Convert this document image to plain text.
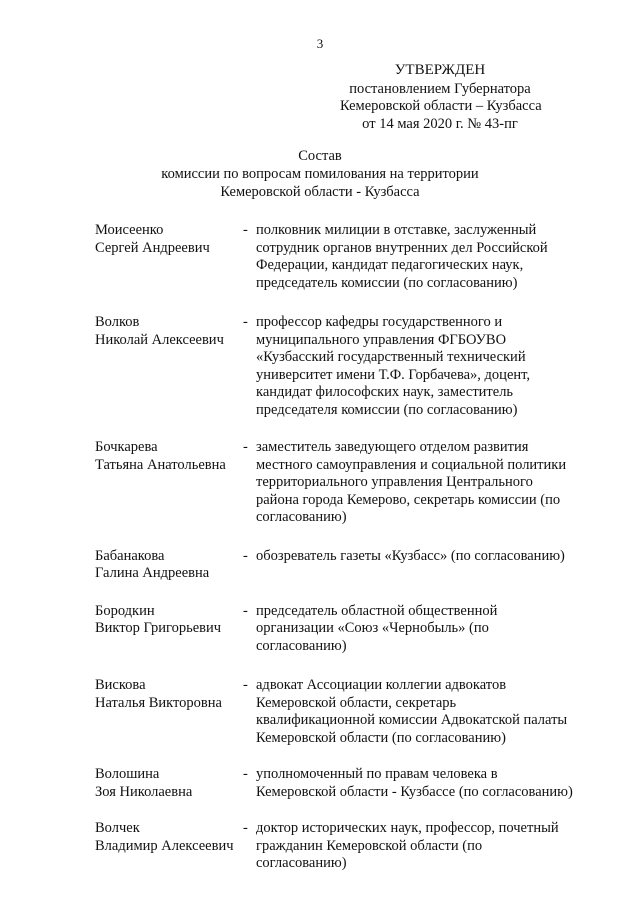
3
УТВЕРЖДЕН
постановлением Губернатора
Кемеровской области – Кузбасса
от 14 мая 2020 г. № 43-пг
Состав
комиссии по вопросам помилования на территории
Кемеровской области - Кузбасса
Моисеенко
Сергей Андреевич
- полковник милиции в отставке, заслуженный
сотрудник органов внутренних дел Российской
Федерации, кандидат педагогических наук,
председатель комиссии (по согласованию)
Волков
Николай Алексеевич
- профессор кафедры государственного и
муниципального управления ФГБОУВО
«Кузбасский государственный технический
университет имени Т.Ф. Горбачева», доцент,
кандидат философских наук, заместитель
председателя комиссии (по согласованию)
Бочкарева
Татьяна Анатольевна
- заместитель заведующего отделом развития
местного самоуправления и социальной политики
территориального управления Центрального
района города Кемерово, секретарь комиссии (по
согласованию)
Бабанакова
Галина Андреевна
- обозреватель газеты «Кузбасс» (по согласованию)
Бородкин
Виктор Григорьевич
- председатель областной общественной
организации «Союз «Чернобыль» (по
согласованию)
Вискова
Наталья Викторовна
- адвокат Ассоциации коллегии адвокатов
Кемеровской области, секретарь
квалификационной комиссии Адвокатской палаты
Кемеровской области (по согласованию)
Волошина
Зоя Николаевна
- уполномоченный по правам человека в
Кемеровской области - Кузбассе (по согласованию)
Волчек
Владимир Алексеевич
- доктор исторических наук, профессор, почетный
гражданин Кемеровской области (по
согласованию)
